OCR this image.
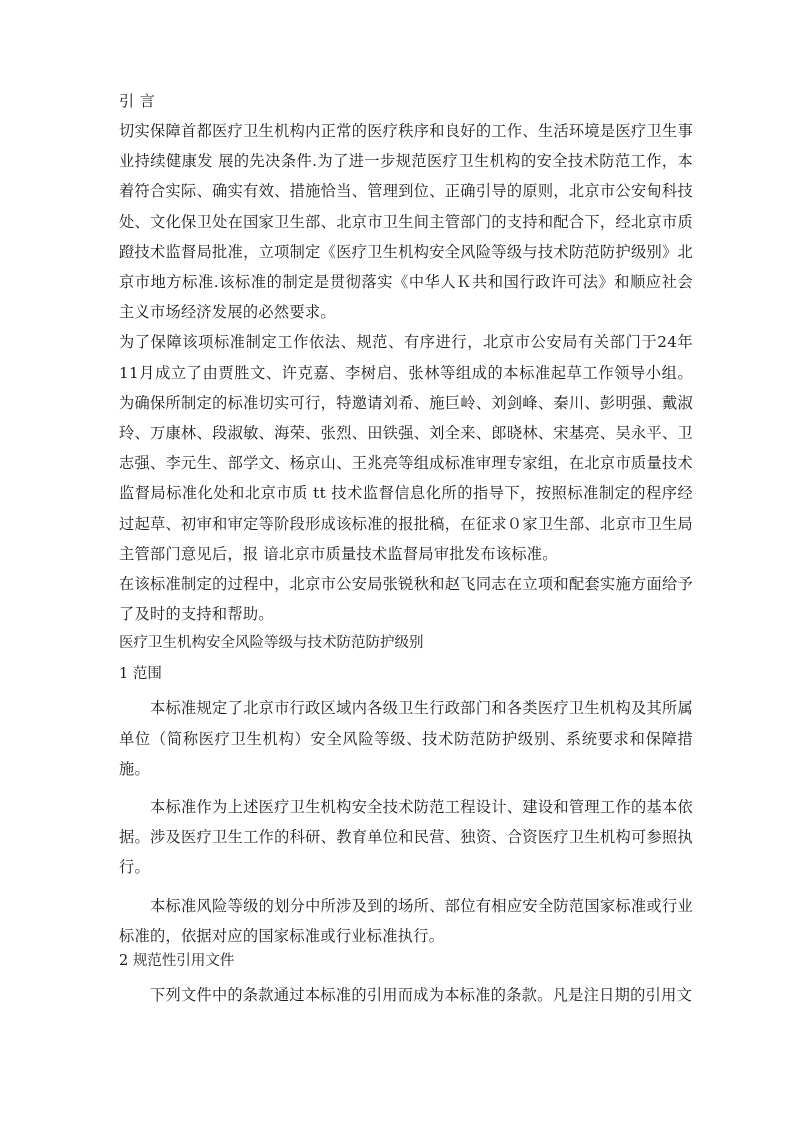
引 言

切实保障首都医疗卫生机构内正常的医疗秩序和良好的工作、生活环境是医疗卫生事业持续健康发 展的先决条件.为了进一步规范医疗卫生机构的安全技术防范工作，本着符合实际、确实有效、措施恰当、管理到位、正确引导的原则，北京市公安甸科技处、文化保卫处在国家卫生部、北京市卫生间主管部门的支持和配合下，经北京市质蹬技术监督局批准，立项制定《医疗卫生机构安全风险等级与技术防范防护级别》北京市地方标准.该标准的制定是贯彻落实《中华人Ｋ共和国行政许可法》和顺应社会主义市场经济发展的必然要求。

为了保障该项标准制定工作依法、规范、有序进行，北京市公安局有关部门于24年11月成立了由贾胜文、许克嘉、李树启、张林等组成的本标准起草工作领导小组。为确保所制定的标准切实可行，特邀请刘希、施巨岭、刘剑峰、秦川、彭明强、戴淑玲、万康林、段淑敏、海荣、张烈、田铁强、刘全来、郎晓林、宋基亮、吴永平、卫志强、李元生、部学文、杨京山、王兆亮等组成标准审理专家组，在北京市质量技术监督局标准化处和北京市质 tt 技术监督信息化所的指导下，按照标准制定的程序经过起草、初审和审定等阶段形成该标准的报批稿，在征求０家卫生部、北京市卫生局主管部门意见后，报 谙北京市质量技术监督局审批发布该标准。

在该标准制定的过程中，北京市公安局张锐秋和赵飞同志在立项和配套实施方面给予了及时的支持和帮助。

医疗卫生机构安全风险等级与技术防范防护级别

1 范围

本标准规定了北京市行政区域内各级卫生行政部门和各类医疗卫生机构及其所属单位（简称医疗卫生机构）安全风险等级、技术防范防护级别、系统要求和保障措施。

本标准作为上述医疗卫生机构安全技术防范工程设计、建设和管理工作的基本依据。涉及医疗卫生工作的科研、教育单位和民营、独资、合资医疗卫生机构可参照执行。

本标准风险等级的划分中所涉及到的场所、部位有相应安全防范国家标准或行业标准的，依据对应的国家标准或行业标准执行。

2 规范性引用文件

下列文件中的条款通过本标准的引用而成为本标准的条款。凡是注日期的引用文
